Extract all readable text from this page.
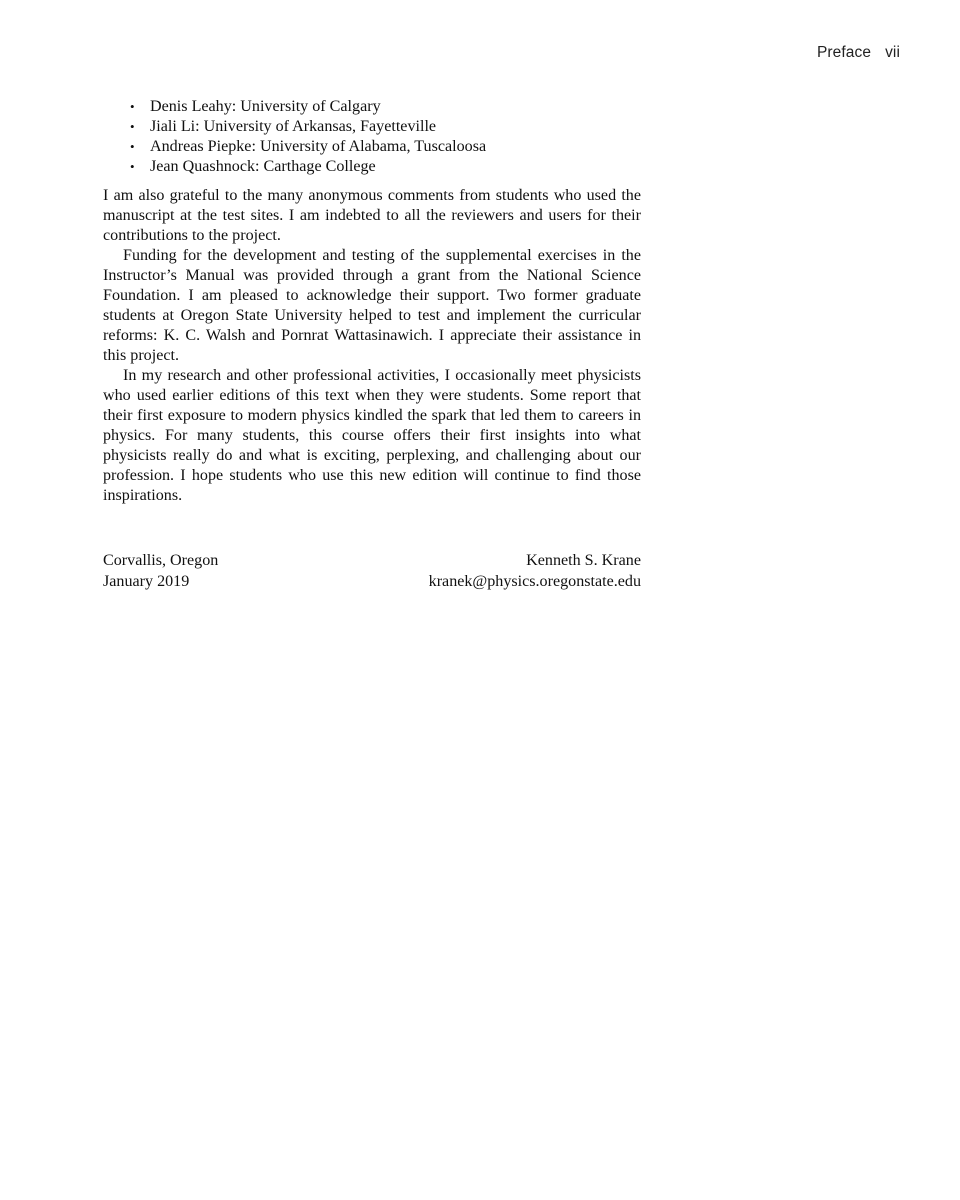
Preface vii
• Denis Leahy: University of Calgary
• Jiali Li: University of Arkansas, Fayetteville
• Andreas Piepke: University of Alabama, Tuscaloosa
• Jean Quashnock: Carthage College

I am also grateful to the many anonymous comments from students who used the manuscript at the test sites. I am indebted to all the reviewers and users for their contributions to the project.

Funding for the development and testing of the supplemental exercises in the Instructor’s Manual was provided through a grant from the National Science Foundation. I am pleased to acknowledge their support. Two former graduate students at Oregon State University helped to test and implement the curricular reforms: K. C. Walsh and Pornrat Wattasinawich. I appreciate their assistance in this project.

In my research and other professional activities, I occasionally meet physicists who used earlier editions of this text when they were students. Some report that their first exposure to modern physics kindled the spark that led them to careers in physics. For many students, this course offers their first insights into what physicists really do and what is exciting, perplexing, and challenging about our profession. I hope students who use this new edition will continue to find those inspirations.

Corvallis, Oregon
January 2019
Kenneth S. Krane
kranek@physics.oregonstate.edu
